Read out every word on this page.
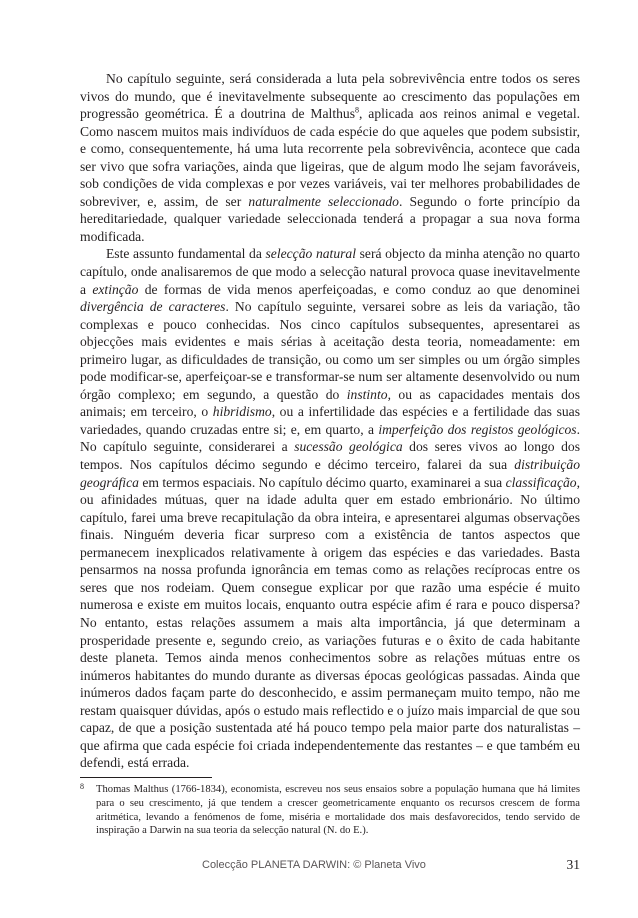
No capítulo seguinte, será considerada a luta pela sobrevivência entre todos os seres vivos do mundo, que é inevitavelmente subsequente ao crescimento das populações em progressão geométrica. É a doutrina de Malthus$^8$, aplicada aos reinos animal e vegetal. Como nascem muitos mais indivíduos de cada espécie do que aqueles que podem subsistir, e como, consequentemente, há uma luta recorrente pela sobrevivência, acontece que cada ser vivo que sofra variações, ainda que ligeiras, que de algum modo lhe sejam favoráveis, sob condições de vida complexas e por vezes variáveis, vai ter melhores probabilidades de sobreviver, e, assim, de ser naturalmente seleccionado. Segundo o forte princípio da hereditariedade, qualquer variedade seleccionada tenderá a propagar a sua nova forma modificada.

Este assunto fundamental da selecção natural será objecto da minha atenção no quarto capítulo, onde analisaremos de que modo a selecção natural provoca quase inevitavelmente a extinção de formas de vida menos aperfeiçoadas, e como conduz ao que denominei divergência de caracteres. No capítulo seguinte, versarei sobre as leis da variação, tão complexas e pouco conhecidas. Nos cinco capítulos subsequentes, apresentarei as objecções mais evidentes e mais sérias à aceitação desta teoria, nomeadamente: em primeiro lugar, as dificuldades de transição, ou como um ser simples ou um órgão simples pode modificar-se, aperfeiçoar-se e transformar-se num ser altamente desenvolvido ou num órgão complexo; em segundo, a questão do instinto, ou as capacidades mentais dos animais; em terceiro, o hibridismo, ou a infertilidade das espécies e a fertilidade das suas variedades, quando cruzadas entre si; e, em quarto, a imperfeição dos registos geológicos. No capítulo seguinte, considerarei a sucessão geológica dos seres vivos ao longo dos tempos. Nos capítulos décimo segundo e décimo terceiro, falarei da sua distribuição geográfica em termos espaciais. No capítulo décimo quarto, examinarei a sua classificação, ou afinidades mútuas, quer na idade adulta quer em estado embrionário. No último capítulo, farei uma breve recapitulação da obra inteira, e apresentarei algumas observações finais. Ninguém deveria ficar surpreso com a existência de tantos aspectos que permanecem inexplicados relativamente à origem das espécies e das variedades. Basta pensarmos na nossa profunda ignorância em temas como as relações recíprocas entre os seres que nos rodeiam. Quem consegue explicar por que razão uma espécie é muito numerosa e existe em muitos locais, enquanto outra espécie afim é rara e pouco dispersa? No entanto, estas relações assumem a mais alta importância, já que determinam a prosperidade presente e, segundo creio, as variações futuras e o êxito de cada habitante deste planeta. Temos ainda menos conhecimentos sobre as relações mútuas entre os inúmeros habitantes do mundo durante as diversas épocas geológicas passadas. Ainda que inúmeros dados façam parte do desconhecido, e assim permaneçam muito tempo, não me restam quaisquer dúvidas, após o estudo mais reflectido e o juízo mais imparcial de que sou capaz, de que a posição sustentada até há pouco tempo pela maior parte dos naturalistas – que afirma que cada espécie foi criada independentemente das restantes – e que também eu defendi, está errada.

8 Thomas Malthus (1766-1834), economista, escreveu nos seus ensaios sobre a população humana que há limites para o seu crescimento, já que tendem a crescer geometricamente enquanto os recursos crescem de forma aritmética, levando a fenómenos de fome, miséria e mortalidade dos mais desfavorecidos, tendo servido de inspiração a Darwin na sua teoria da selecção natural (N. do E.).
Colecção PLANETA DARWIN: © Planeta Vivo	31
